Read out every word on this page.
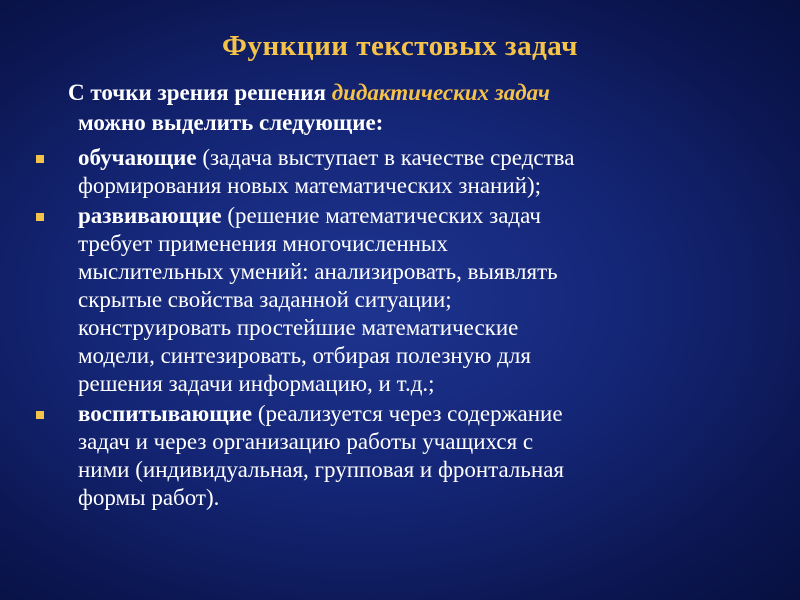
Функции текстовых задач

С точки зрения решения дидактических задач
можно выделить следующие:

обучающие (задача выступает в качестве средства
формирования новых математических знаний);
развивающие (решение математических задач
требует применения многочисленных
мыслительных умений: анализировать, выявлять
скрытые свойства заданной ситуации;
конструировать простейшие математические
модели, синтезировать, отбирая полезную для
решения задачи информацию, и т.д.;
воспитывающие (реализуется через содержание
задач и через организацию работы учащихся с
ними (индивидуальная, групповая и фронтальная
формы работ).
